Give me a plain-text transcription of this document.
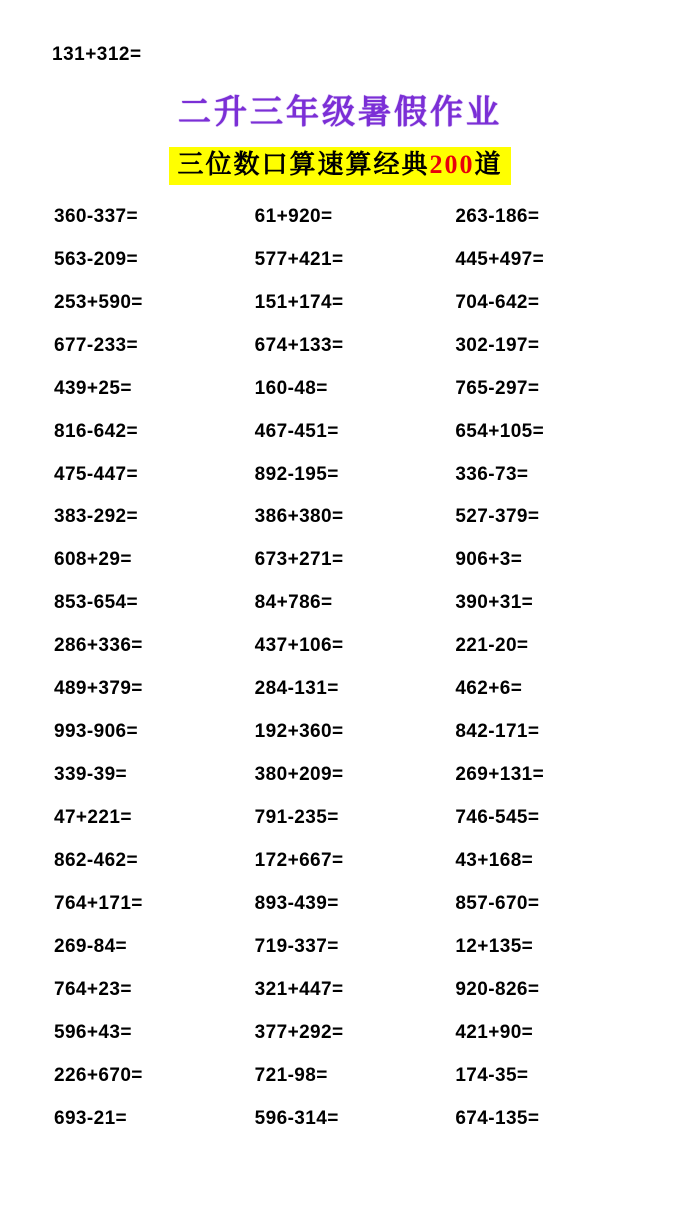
131+312=
二升三年级暑假作业
三位数口算速算经典200道
360-337=
563-209=
253+590=
677-233=
439+25=
816-642=
475-447=
383-292=
608+29=
853-654=
286+336=
489+379=
993-906=
339-39=
47+221=
862-462=
764+171=
269-84=
764+23=
596+43=
226+670=
693-21=
61+920=
577+421=
151+174=
674+133=
160-48=
467-451=
892-195=
386+380=
673+271=
84+786=
437+106=
284-131=
192+360=
380+209=
791-235=
172+667=
893-439=
719-337=
321+447=
377+292=
721-98=
596-314=
263-186=
445+497=
704-642=
302-197=
765-297=
654+105=
336-73=
527-379=
906+3=
390+31=
221-20=
462+6=
842-171=
269+131=
746-545=
43+168=
857-670=
12+135=
920-826=
421+90=
174-35=
674-135=
